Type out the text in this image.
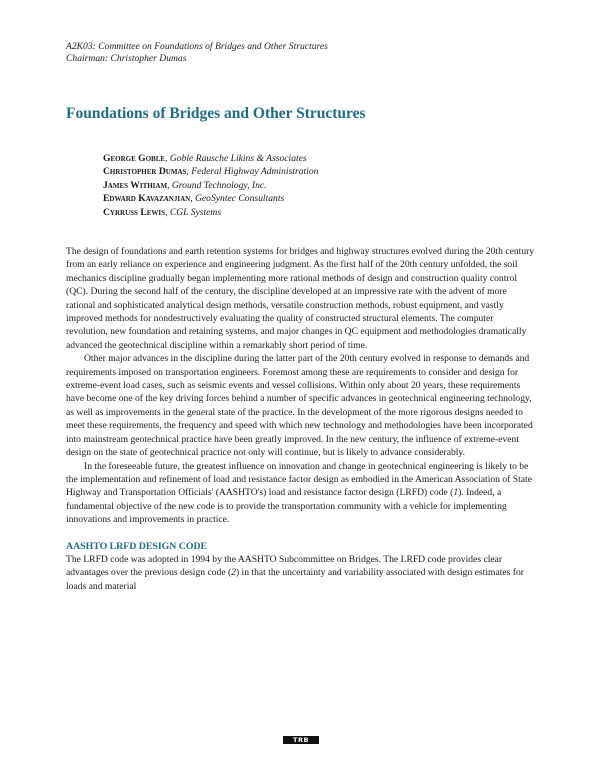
A2K03: Committee on Foundations of Bridges and Other Structures
Chairman: Christopher Dumas
Foundations of Bridges and Other Structures
George Goble, Goble Rausche Likins & Associates
Christopher Dumas, Federal Highway Administration
James Withiam, Ground Technology, Inc.
Edward Kavazanjian, GeoSyntec Consultants
Cyrruss Lewis, CGL Systems

The design of foundations and earth retention systems for bridges and highway structures evolved during the 20th century from an early reliance on experience and engineering judgment. As the first half of the 20th century unfolded, the soil mechanics discipline gradually began implementing more rational methods of design and construction quality control (QC). During the second half of the century, the discipline developed at an impressive rate with the advent of more rational and sophisticated analytical design methods, versatile construction methods, robust equipment, and vastly improved methods for nondestructively evaluating the quality of constructed structural elements. The computer revolution, new foundation and retaining systems, and major changes in QC equipment and methodologies dramatically advanced the geotechnical discipline within a remarkably short period of time.

Other major advances in the discipline during the latter part of the 20th century evolved in response to demands and requirements imposed on transportation engineers. Foremost among these are requirements to consider and design for extreme-event load cases, such as seismic events and vessel collisions. Within only about 20 years, these requirements have become one of the key driving forces behind a number of specific advances in geotechnical engineering technology, as well as improvements in the general state of the practice. In the development of the more rigorous designs needed to meet these requirements, the frequency and speed with which new technology and methodologies have been incorporated into mainstream geotechnical practice have been greatly improved. In the new century, the influence of extreme-event design on the state of geotechnical practice not only will continue, but is likely to advance considerably.

In the foreseeable future, the greatest influence on innovation and change in geotechnical engineering is likely to be the implementation and refinement of load and resistance factor design as embodied in the American Association of State Highway and Transportation Officials' (AASHTO's) load and resistance factor design (LRFD) code (1). Indeed, a fundamental objective of the new code is to provide the transportation community with a vehicle for implementing innovations and improvements in practice.

AASHTO LRFD DESIGN CODE

The LRFD code was adopted in 1994 by the AASHTO Subcommittee on Bridges. The LRFD code provides clear advantages over the previous design code (2) in that the uncertainty and variability associated with design estimates for loads and material

TRB
